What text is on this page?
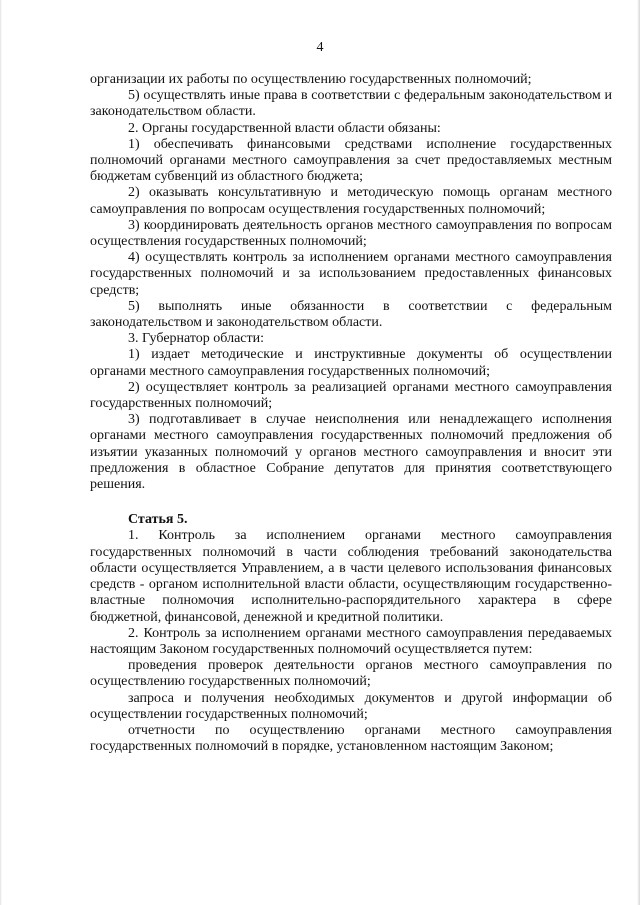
4

организации их работы по осуществлению государственных полномочий;

5) осуществлять иные права в соответствии с федеральным законодательством и законодательством области.

2. Органы государственной власти области обязаны:

1) обеспечивать финансовыми средствами исполнение государственных полномочий органами местного самоуправления за счет предоставляемых местным бюджетам субвенций из областного бюджета;

2) оказывать консультативную и методическую помощь органам местного самоуправления по вопросам осуществления государственных полномочий;

3) координировать деятельность органов местного самоуправления по вопросам осуществления государственных полномочий;

4) осуществлять контроль за исполнением органами местного самоуправления государственных полномочий и за использованием предоставленных финансовых средств;

5) выполнять иные обязанности в соответствии с федеральным законодательством и законодательством области.

3. Губернатор области:

1) издает методические и инструктивные документы об осуществлении органами местного самоуправления государственных полномочий;

2) осуществляет контроль за реализацией органами местного самоуправления государственных полномочий;

3) подготавливает в случае неисполнения или ненадлежащего исполнения органами местного самоуправления государственных полномочий предложения об изъятии указанных полномочий у органов местного самоуправления и вносит эти предложения в областное Собрание депутатов для принятия соответствующего решения.

Статья 5.

1. Контроль за исполнением органами местного самоуправления государственных полномочий в части соблюдения требований законодательства области осуществляется Управлением, а в части целевого использования финансовых средств - органом исполнительной власти области, осуществляющим государственно-властные полномочия исполнительно-распорядительного характера в сфере бюджетной, финансовой, денежной и кредитной политики.

2. Контроль за исполнением органами местного самоуправления передаваемых настоящим Законом государственных полномочий осуществляется путем:

проведения проверок деятельности органов местного самоуправления по осуществлению государственных полномочий;

запроса и получения необходимых документов и другой информации об осуществлении государственных полномочий;

отчетности по осуществлению органами местного самоуправления государственных полномочий в порядке, установленном настоящим Законом;
